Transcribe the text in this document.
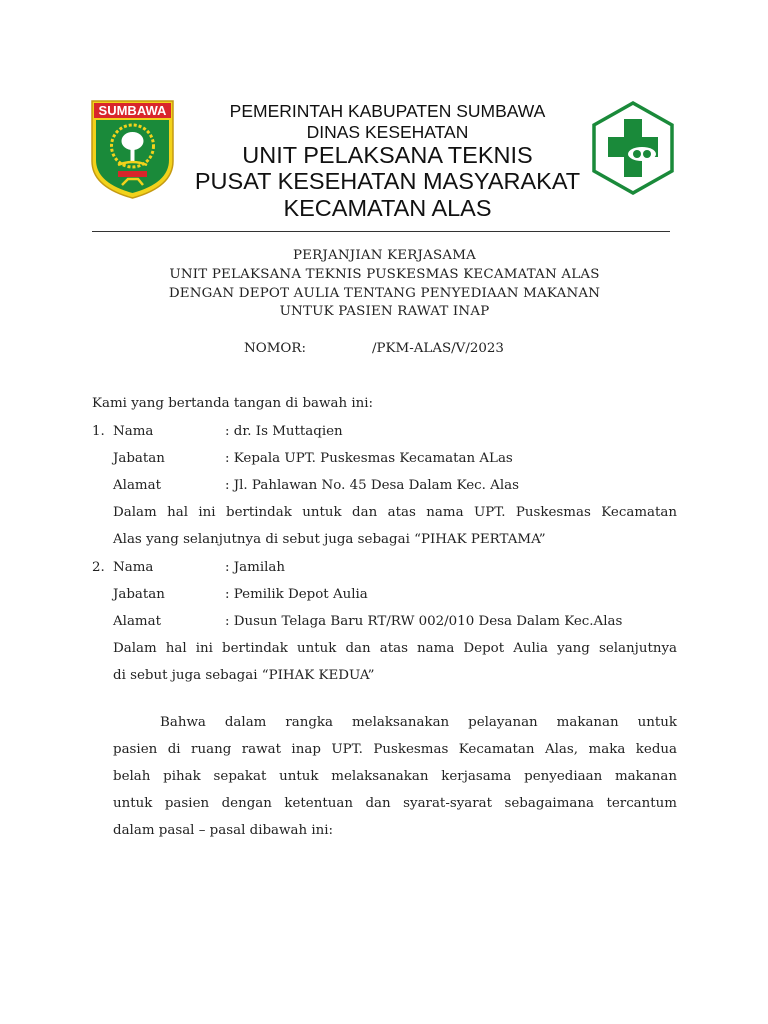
SUMBAWA	PEMERINTAH KABUPATEN SUMBAWA
DINAS KESEHATAN
UNIT PELAKSANA TEKNIS
PUSAT KESEHATAN MASYARAKAT
KECAMATAN ALAS
PERJANJIAN KERJASAMA
UNIT PELAKSANA TEKNIS PUSKESMAS KECAMATAN ALAS
DENGAN DEPOT AULIA TENTANG PENYEDIAAN MAKANAN
UNTUK PASIEN RAWAT INAP
NOMOR:	/PKM-ALAS/V/2023
Kami yang bertanda tangan di bawah ini:
1. Nama	: dr. Is Muttaqien
Jabatan	: Kepala UPT. Puskesmas Kecamatan ALas
Alamat	: Jl. Pahlawan No. 45 Desa Dalam Kec. Alas
Dalam hal ini bertindak untuk dan atas nama UPT. Puskesmas Kecamatan
Alas yang selanjutnya di sebut juga sebagai “PIHAK PERTAMA”
2. Nama	: Jamilah
Jabatan	: Pemilik Depot Aulia
Alamat	: Dusun Telaga Baru RT/RW 002/010 Desa Dalam Kec.Alas
Dalam hal ini bertindak untuk dan atas nama Depot Aulia yang selanjutnya
di sebut juga sebagai “PIHAK KEDUA”
Bahwa dalam rangka melaksanakan pelayanan makanan untuk
pasien di ruang rawat inap UPT. Puskesmas Kecamatan Alas, maka kedua
belah pihak sepakat untuk melaksanakan kerjasama penyediaan makanan
untuk pasien dengan ketentuan dan syarat-syarat sebagaimana tercantum
dalam pasal – pasal dibawah ini:
